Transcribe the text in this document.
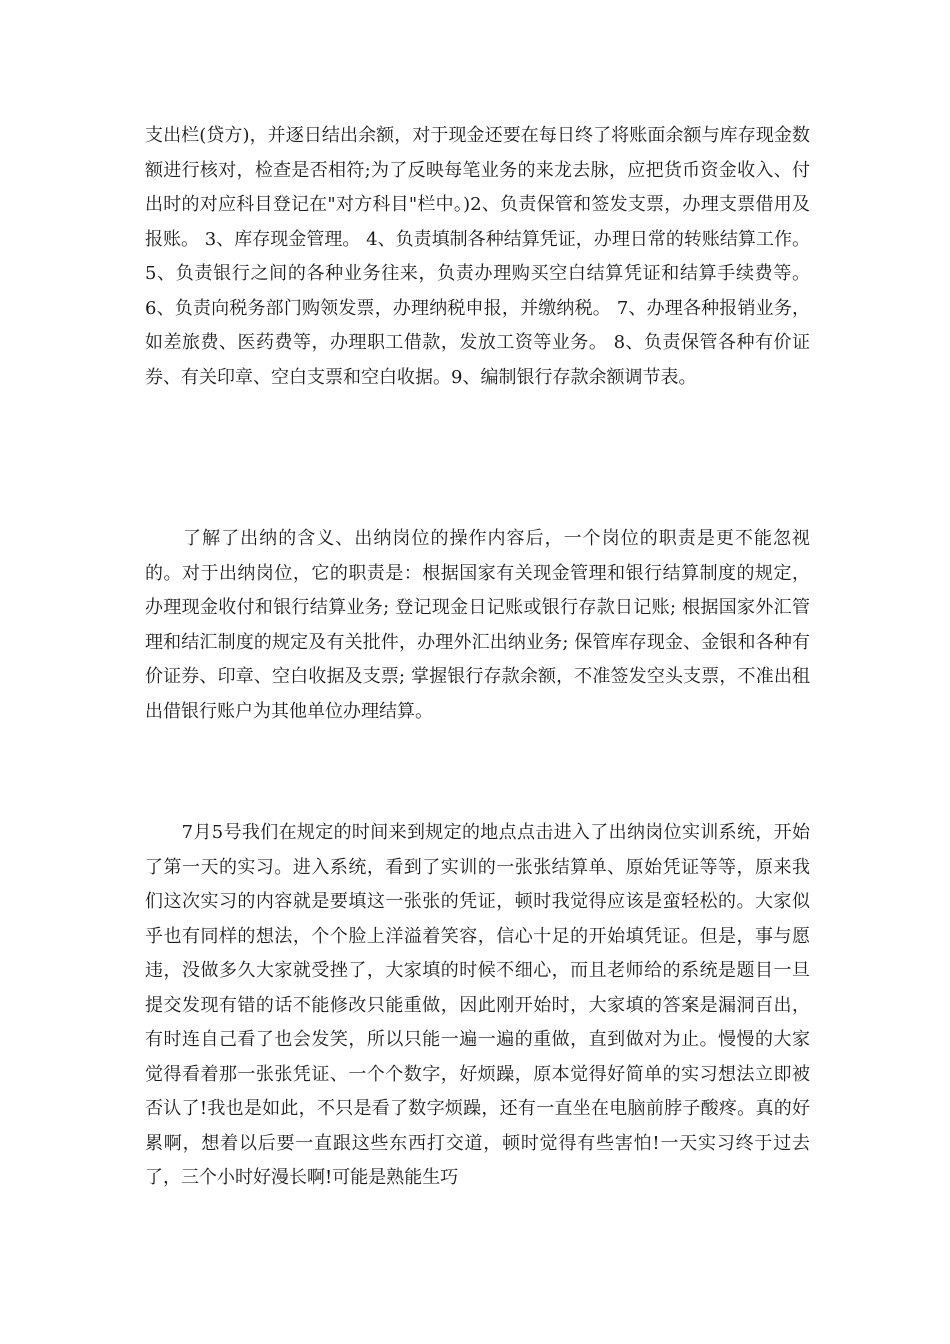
支出栏(贷方)，并逐日结出余额，对于现金还要在每日终了将账面余额与库存现金数额进行核对，检查是否相符;为了反映每笔业务的来龙去脉，应把货币资金收入、付出时的对应科目登记在"对方科目"栏中。)2、负责保管和签发支票，办理支票借用及报账。 3、库存现金管理。 4、负责填制各种结算凭证，办理日常的转账结算工作。 5、负责银行之间的各种业务往来，负责办理购买空白结算凭证和结算手续费等。 6、负责向税务部门购领发票，办理纳税申报，并缴纳税。 7、办理各种报销业务，如差旅费、医药费等，办理职工借款，发放工资等业务。 8、负责保管各种有价证券、有关印章、空白支票和空白收据。9、编制银行存款余额调节表。

　　了解了出纳的含义、出纳岗位的操作内容后，一个岗位的职责是更不能忽视的。对于出纳岗位，它的职责是：根据国家有关现金管理和银行结算制度的规定，办理现金收付和银行结算业务; 登记现金日记账或银行存款日记账; 根据国家外汇管理和结汇制度的规定及有关批件，办理外汇出纳业务; 保管库存现金、金银和各种有价证券、印章、空白收据及支票; 掌握银行存款余额，不准签发空头支票，不准出租出借银行账户为其他单位办理结算。

　　7月5号我们在规定的时间来到规定的地点点击进入了出纳岗位实训系统，开始了第一天的实习。进入系统，看到了实训的一张张结算单、原始凭证等等，原来我们这次实习的内容就是要填这一张张的凭证，顿时我觉得应该是蛮轻松的。大家似乎也有同样的想法，个个脸上洋溢着笑容，信心十足的开始填凭证。但是，事与愿违，没做多久大家就受挫了，大家填的时候不细心，而且老师给的系统是题目一旦提交发现有错的话不能修改只能重做，因此刚开始时，大家填的答案是漏洞百出，有时连自己看了也会发笑，所以只能一遍一遍的重做，直到做对为止。慢慢的大家觉得看着那一张张凭证、一个个数字，好烦躁，原本觉得好简单的实习想法立即被否认了!我也是如此，不只是看了数字烦躁，还有一直坐在电脑前脖子酸疼。真的好累啊，想着以后要一直跟这些东西打交道，顿时觉得有些害怕!一天实习终于过去了，三个小时好漫长啊!可能是熟能生巧
